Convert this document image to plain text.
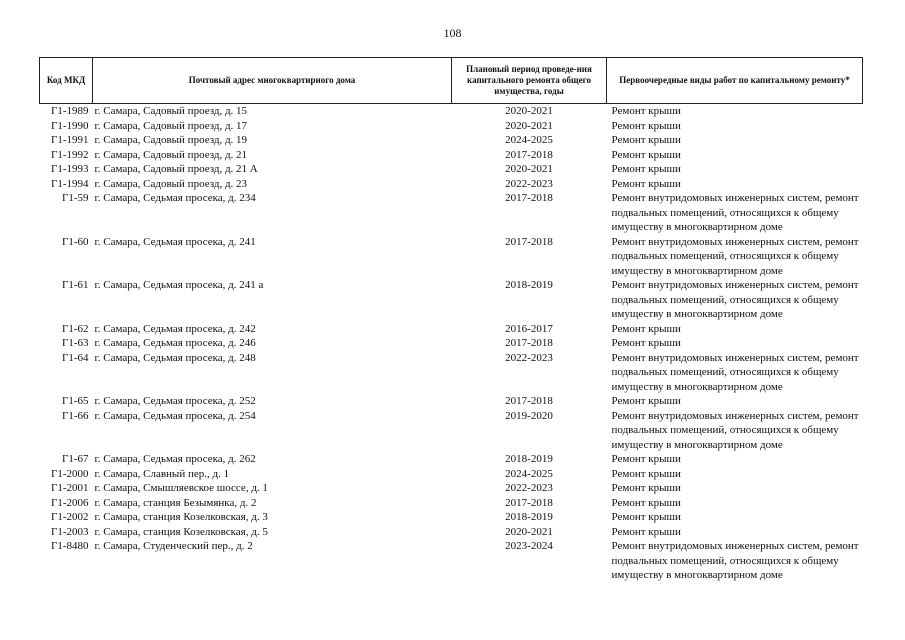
108
Код МКД	Почтовый адрес многоквартирного дома	Плановый период проведе-ния капитального ремонта общего имущества, годы	Первоочередные виды работ по капитальному ремонту*
Г1-1989	г. Самара, Садовый проезд, д. 15	2020-2021	Ремонт крыши
Г1-1990	г. Самара, Садовый проезд, д. 17	2020-2021	Ремонт крыши
Г1-1991	г. Самара, Садовый проезд, д. 19	2024-2025	Ремонт крыши
Г1-1992	г. Самара, Садовый проезд, д. 21	2017-2018	Ремонт крыши
Г1-1993	г. Самара, Садовый проезд, д. 21 А	2020-2021	Ремонт крыши
Г1-1994	г. Самара, Садовый проезд, д. 23	2022-2023	Ремонт крыши
Г1-59	г. Самара, Седьмая просека, д. 234	2017-2018	Ремонт внутридомовых инженерных систем, ремонт подвальных помещений, относящихся к общему имуществу в многоквартирном доме
Г1-60	г. Самара, Седьмая просека, д. 241	2017-2018	Ремонт внутридомовых инженерных систем, ремонт подвальных помещений, относящихся к общему имуществу в многоквартирном доме
Г1-61	г. Самара, Седьмая просека, д. 241 а	2018-2019	Ремонт внутридомовых инженерных систем, ремонт подвальных помещений, относящихся к общему имуществу в многоквартирном доме
Г1-62	г. Самара, Седьмая просека, д. 242	2016-2017	Ремонт крыши
Г1-63	г. Самара, Седьмая просека, д. 246	2017-2018	Ремонт крыши
Г1-64	г. Самара, Седьмая просека, д. 248	2022-2023	Ремонт внутридомовых инженерных систем, ремонт подвальных помещений, относящихся к общему имуществу в многоквартирном доме
Г1-65	г. Самара, Седьмая просека, д. 252	2017-2018	Ремонт крыши
Г1-66	г. Самара, Седьмая просека, д. 254	2019-2020	Ремонт внутридомовых инженерных систем, ремонт подвальных помещений, относящихся к общему имуществу в многоквартирном доме
Г1-67	г. Самара, Седьмая просека, д. 262	2018-2019	Ремонт крыши
Г1-2000	г. Самара, Славный пер., д. 1	2024-2025	Ремонт крыши
Г1-2001	г. Самара, Смышляевское шоссе, д. 1	2022-2023	Ремонт крыши
Г1-2006	г. Самара, станция Безымянка, д. 2	2017-2018	Ремонт крыши
Г1-2002	г. Самара, станция Козелковская, д. 3	2018-2019	Ремонт крыши
Г1-2003	г. Самара, станция Козелковская, д. 5	2020-2021	Ремонт крыши
Г1-8480	г. Самара, Студенческий пер., д. 2	2023-2024	Ремонт внутридомовых инженерных систем, ремонт подвальных помещений, относящихся к общему имуществу в многоквартирном доме
